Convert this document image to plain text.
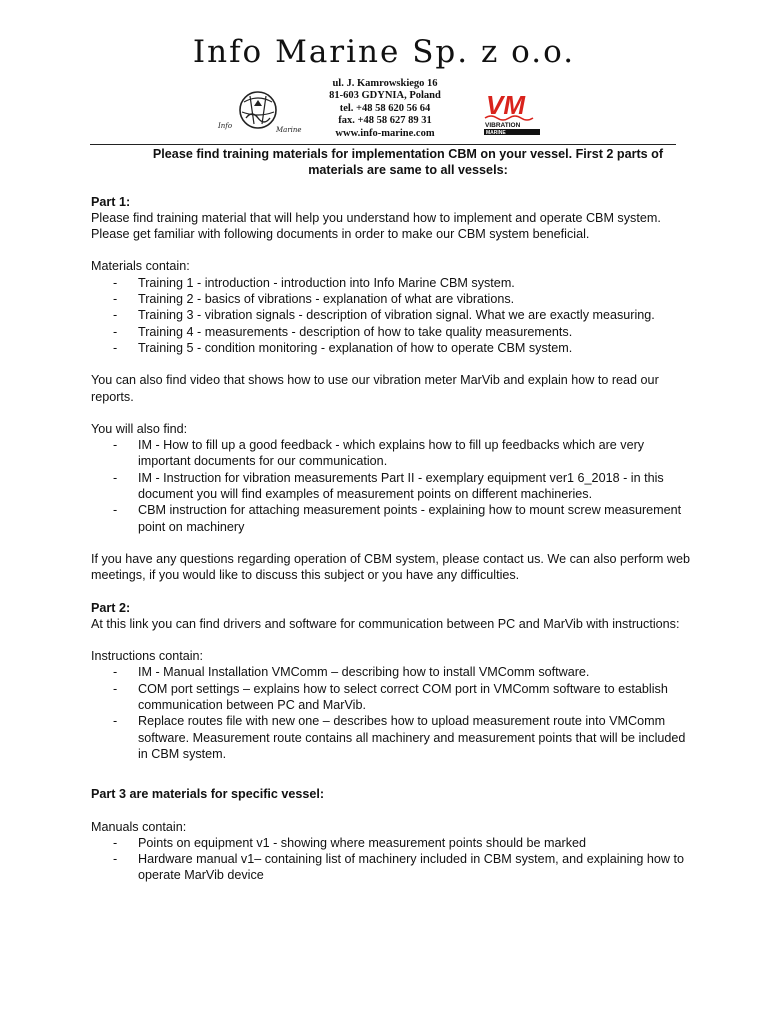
Info Marine Sp. z o.o.
Info	Marine
ul. J. Kamrowskiego 16
81-603 GDYNIA, Poland
tel. +48 58 620 56 64
fax. +48 58 627 89 31
www.info-marine.com
VM
VIBRATION
MARINE

Please find training materials for implementation CBM on your vessel. First 2 parts of materials are same to all vessels:

Part 1:

Please find training material that will help you understand how to implement and operate CBM system. Please get familiar with following documents in order to make our CBM system beneficial.

Materials contain:

- Training 1 - introduction - introduction into Info Marine CBM system.
- Training 2 - basics of vibrations - explanation of what are vibrations.
- Training 3 - vibration signals - description of vibration signal. What we are exactly measuring.
- Training 4 - measurements - description of how to take quality measurements.
- Training 5 - condition monitoring - explanation of how to operate CBM system.

You can also find video that shows how to use our vibration meter MarVib and explain how to read our reports.

You will also find:

- IM - How to fill up a good feedback - which explains how to fill up feedbacks which are very important documents for our communication.
- IM - Instruction for vibration measurements Part II - exemplary equipment ver1 6_2018 - in this document you will find examples of measurement points on different machineries.
- CBM instruction for attaching measurement points - explaining how to mount screw measurement point on machinery

If you have any questions regarding operation of CBM system, please contact us. We can also perform web meetings, if you would like to discuss this subject or you have any difficulties.

Part 2:

At this link you can find drivers and software for communication between PC and MarVib with instructions:

Instructions contain:

- IM - Manual Installation VMComm – describing how to install VMComm software.
- COM port settings – explains how to select correct COM port in VMComm software to establish communication between PC and MarVib.
- Replace routes file with new one – describes how to upload measurement route into VMComm software. Measurement route contains all machinery and measurement points that will be included in CBM system.

Part 3 are materials for specific vessel:

Manuals contain:

- Points on equipment v1 - showing where measurement points should be marked
- Hardware manual v1– containing list of machinery included in CBM system, and explaining how to operate MarVib device
